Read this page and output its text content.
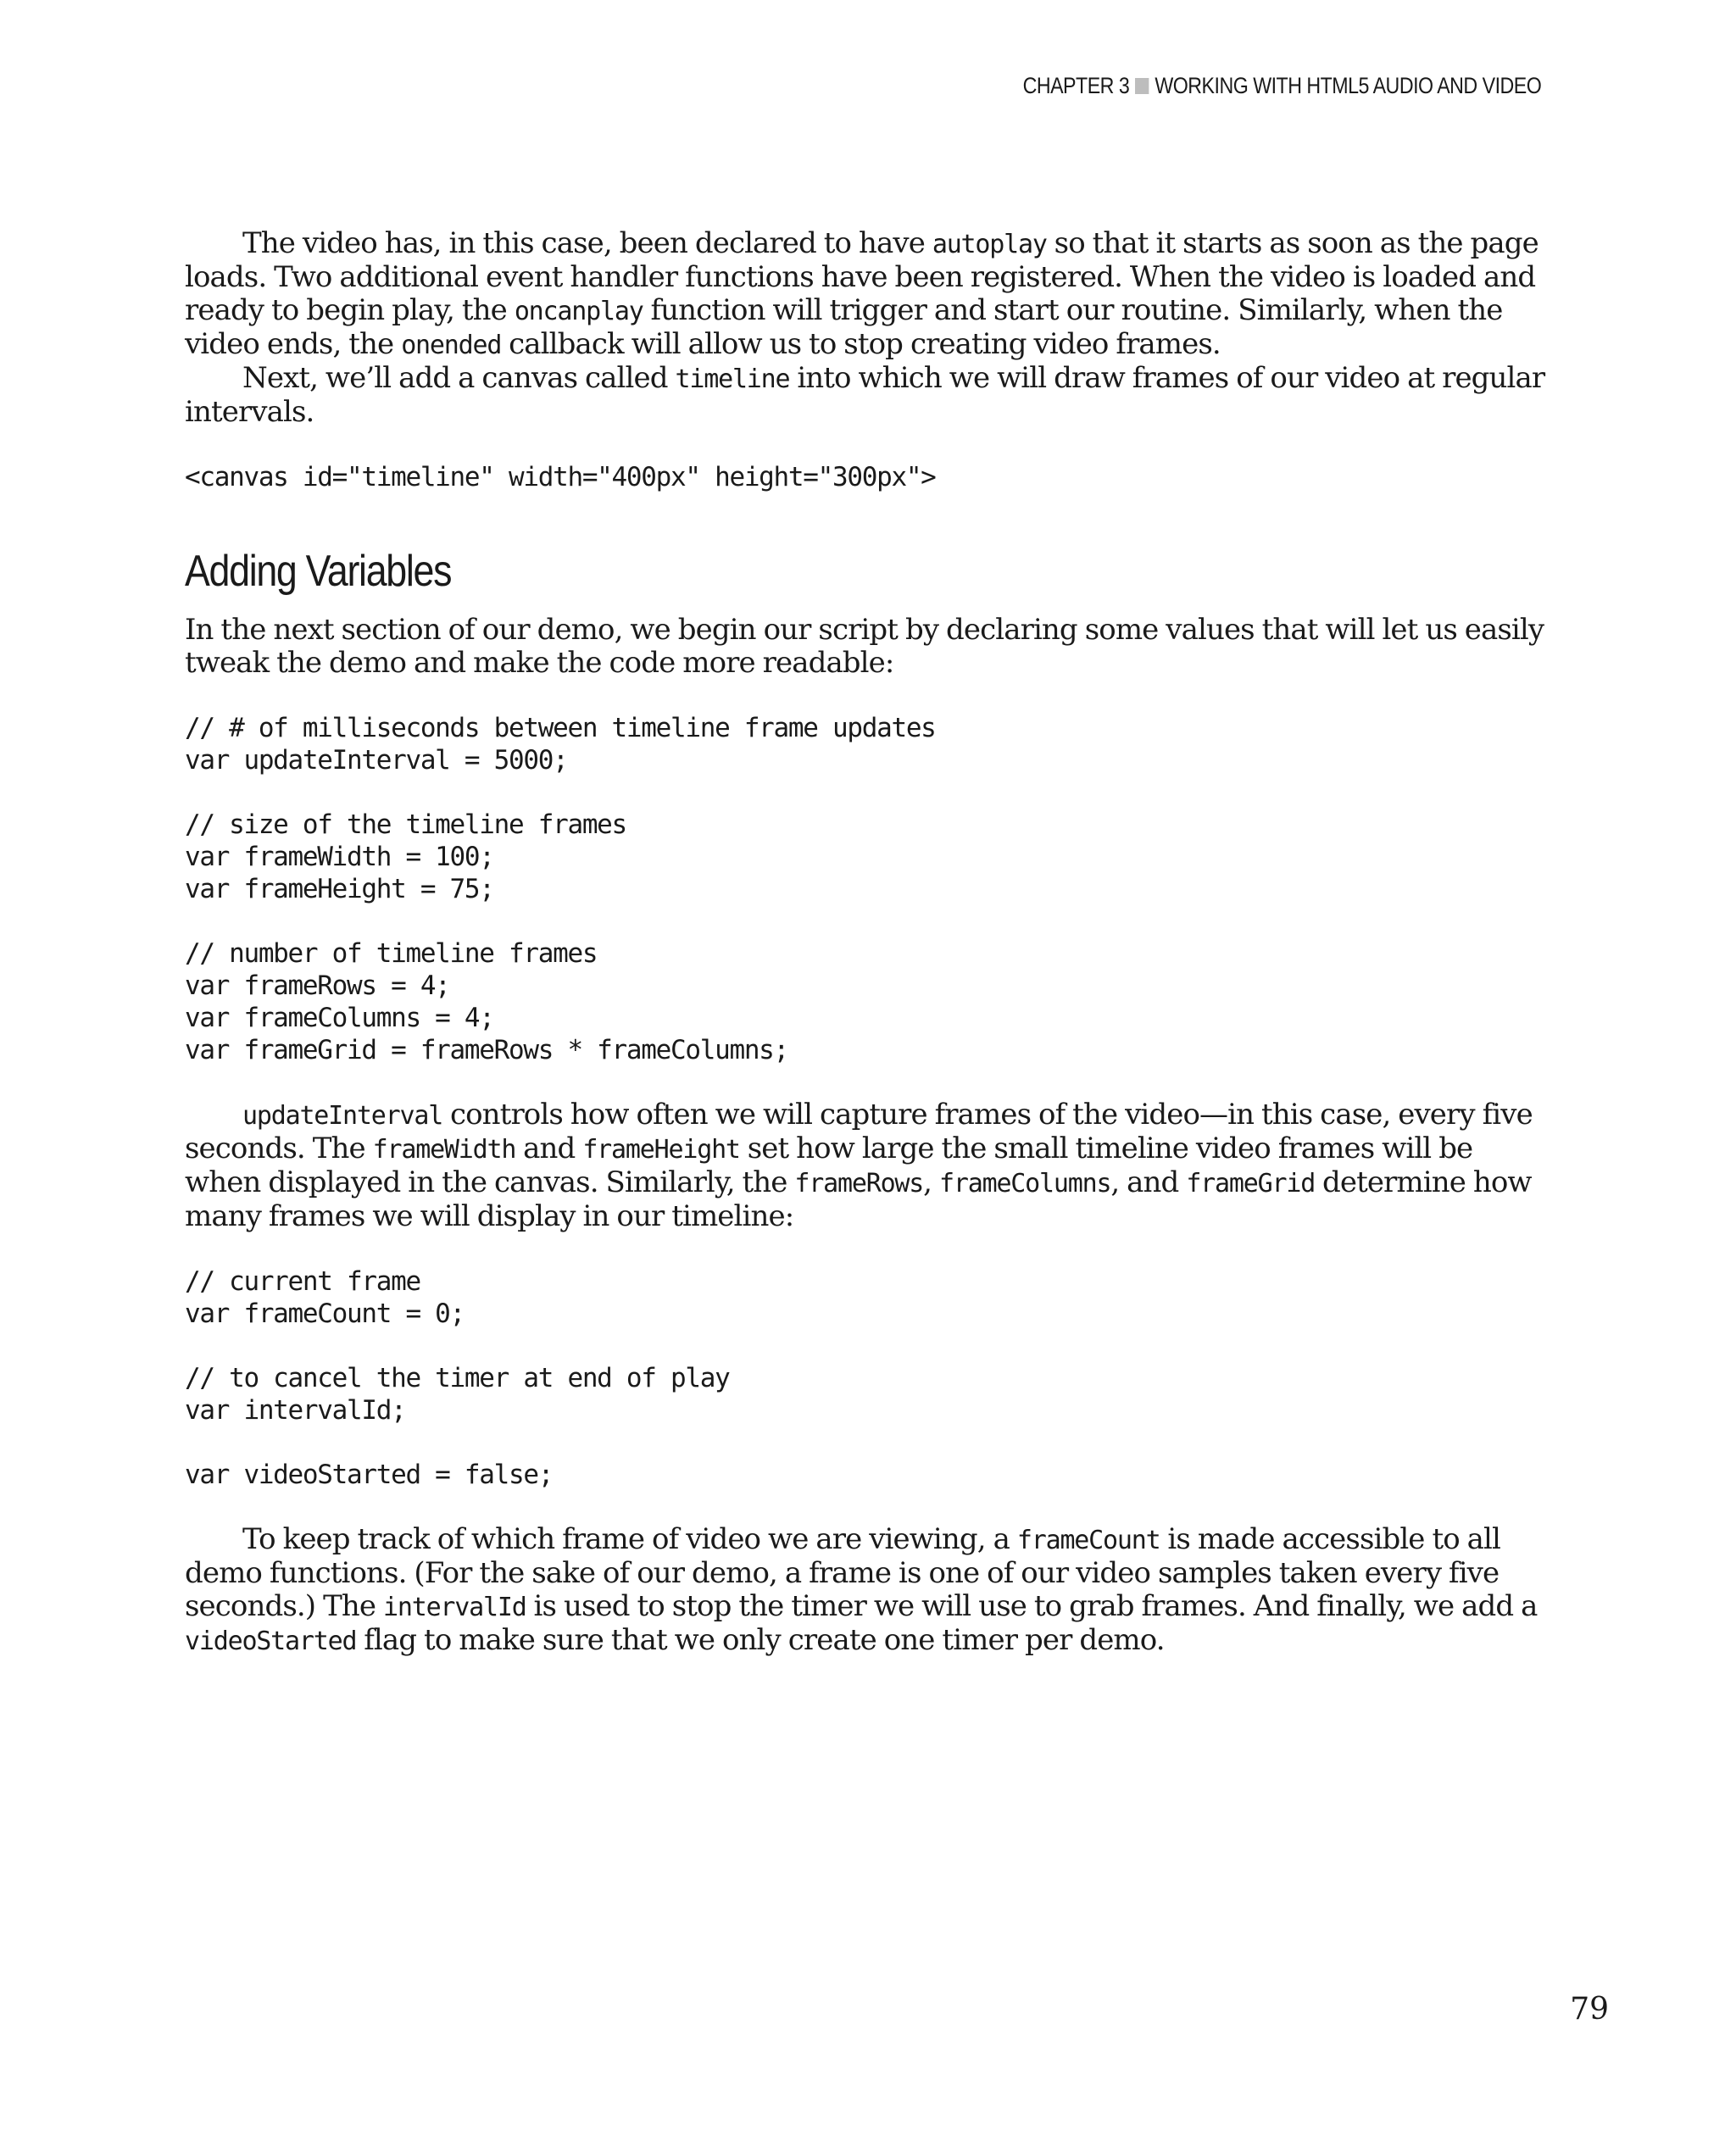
CHAPTER 3 WORKING WITH HTML5 AUDIO AND VIDEO

The video has, in this case, been declared to have autoplay so that it starts as soon as the page loads. Two additional event handler functions have been registered. When the video is loaded and ready to begin play, the oncanplay function will trigger and start our routine. Similarly, when the video ends, the onended callback will allow us to stop creating video frames.

Next, we’ll add a canvas called timeline into which we will draw frames of our video at regular intervals.

<canvas id="timeline" width="400px" height="300px">
Adding Variables

In the next section of our demo, we begin our script by declaring some values that will let us easily tweak the demo and make the code more readable:

// # of milliseconds between timeline frame updates
var updateInterval = 5000;

// size of the timeline frames
var frameWidth = 100;
var frameHeight = 75;

// number of timeline frames
var frameRows = 4;
var frameColumns = 4;
var frameGrid = frameRows * frameColumns;

updateInterval controls how often we will capture frames of the video—in this case, every five seconds. The frameWidth and frameHeight set how large the small timeline video frames will be when displayed in the canvas. Similarly, the frameRows, frameColumns, and frameGrid determine how many frames we will display in our timeline:

// current frame
var frameCount = 0;

// to cancel the timer at end of play
var intervalId;

var videoStarted = false;

To keep track of which frame of video we are viewing, a frameCount is made accessible to all demo functions. (For the sake of our demo, a frame is one of our video samples taken every five seconds.) The intervalId is used to stop the timer we will use to grab frames. And finally, we add a videoStarted flag to make sure that we only create one timer per demo.

79
